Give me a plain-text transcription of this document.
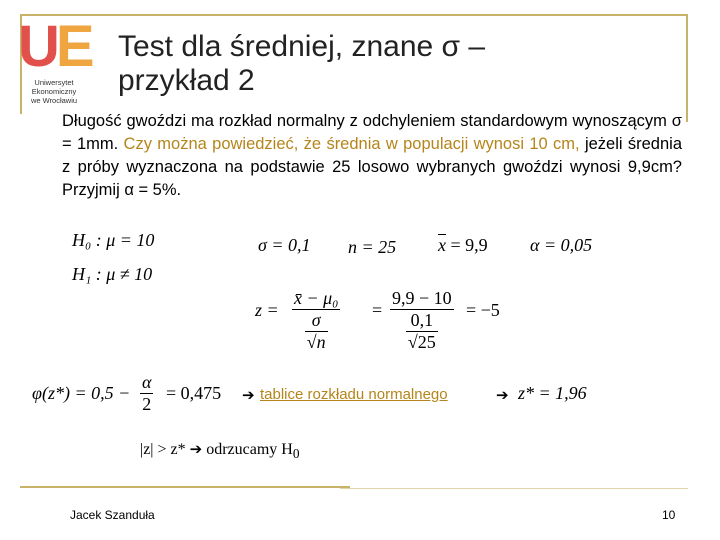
UE
Uniwersytet
Ekonomiczny
we Wrocławiu
Test dla średniej, znane σ –
przykład 2
Długość gwoździ ma rozkład normalny z odchyleniem standardowym wynoszącym σ = 1mm. Czy można powiedzieć, że średnia w populacji wynosi 10 cm, jeżeli średnia z próby wyznaczona na podstawie 25 losowo wybranych gwoździ wynosi 9,9cm? Przyjmij α = 5%.
H₀ : μ = 10
H₁ : μ ≠ 10
σ = 0,1 n = 25 $\overline{x} = 9,9$ α = 0,05
$z = \frac{\text{x̄ − μ₀}}{\frac{\sigma}{√n}} = \frac{9,9 - 10}{\frac{0,1}{√25}} = -5$
$\varphi(z*) = 0,5 - \frac{\alpha}{2} = 0,475$ ➔ tablice rozkładu normalnego	➔ z* = 1,96
|z| > z* ➔ odrzucamy $H_0$
Jacek Szanduła	10
